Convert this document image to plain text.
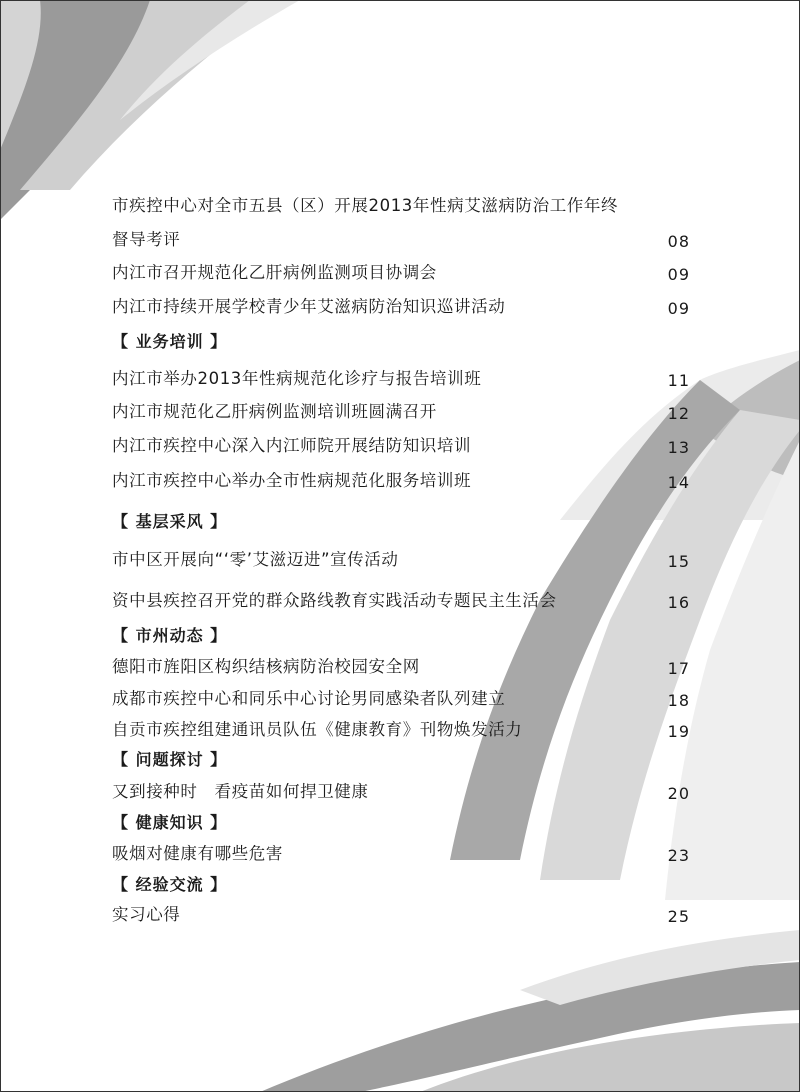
市疾控中心对全市五县（区）开展2013年性病艾滋病防治工作年终
督导考评	08
内江市召开规范化乙肝病例监测项目协调会	09
内江市持续开展学校青少年艾滋病防治知识巡讲活动	09
【 业务培训 】
内江市举办2013年性病规范化诊疗与报告培训班	11
内江市规范化乙肝病例监测培训班圆满召开	12
内江市疾控中心深入内江师院开展结防知识培训	13
内江市疾控中心举办全市性病规范化服务培训班	14
【 基层采风 】
市中区开展向“‘零’艾滋迈进”宣传活动	15
资中县疾控召开党的群众路线教育实践活动专题民主生活会	16
【 市州动态 】
德阳市旌阳区构织结核病防治校园安全网	17
成都市疾控中心和同乐中心讨论男同感染者队列建立	18
自贡市疾控组建通讯员队伍《健康教育》刊物焕发活力	19
【 问题探讨 】
又到接种时　看疫苗如何捍卫健康	20
【 健康知识 】
吸烟对健康有哪些危害	23
【 经验交流 】
实习心得	25
